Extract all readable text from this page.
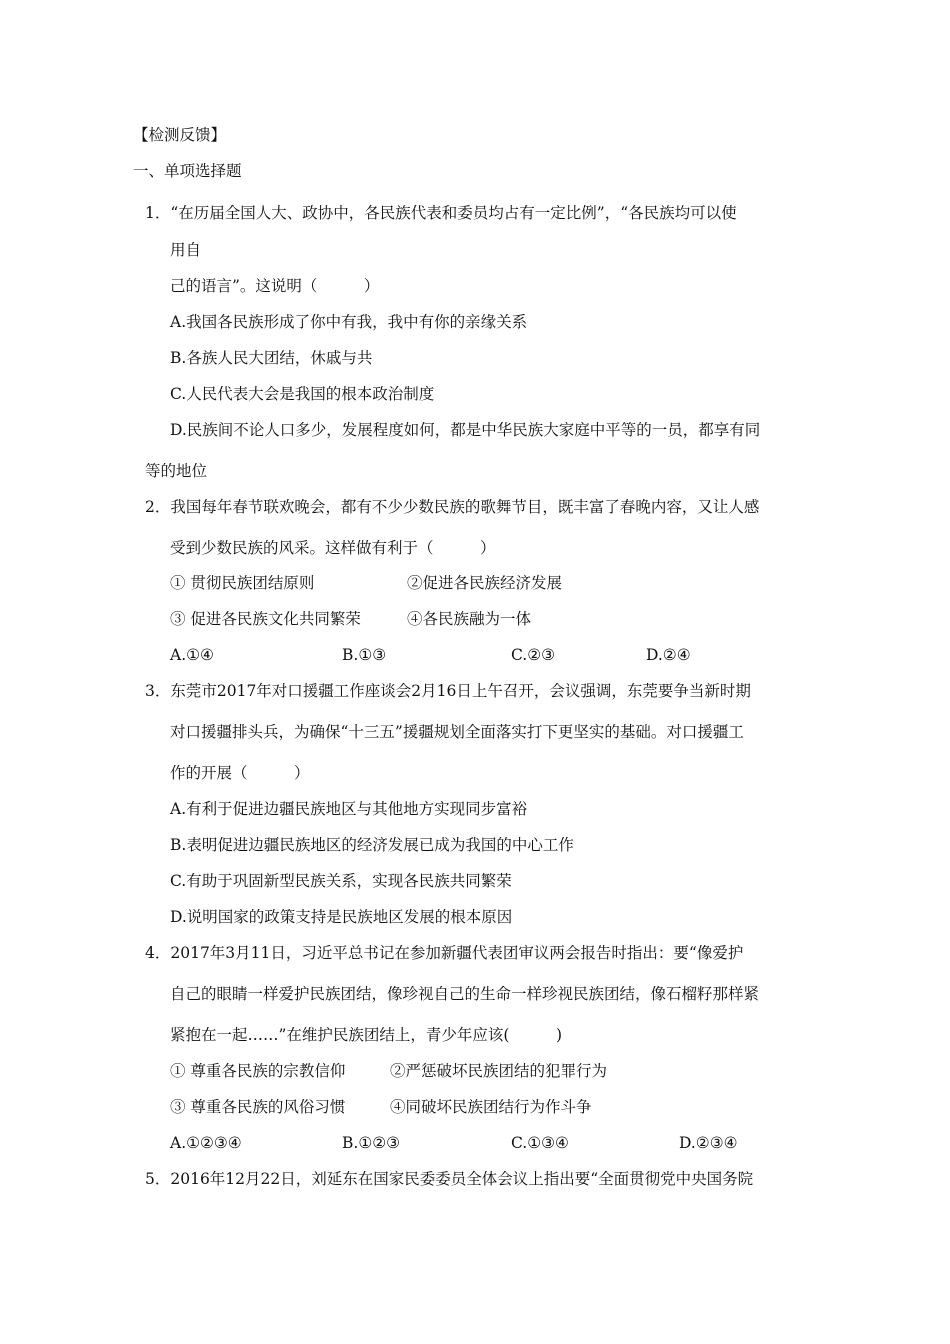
【检测反馈】
一、单项选择题
1．“在历届全国人大、政协中，各民族代表和委员均占有一定比例”，“各民族均可以使
用自
己的语言”。这说明（　　　）
A.我国各民族形成了你中有我，我中有你的亲缘关系
B.各族人民大团结，休戚与共
C.人民代表大会是我国的根本政治制度
D.民族间不论人口多少，发展程度如何，都是中华民族大家庭中平等的一员，都享有同
等的地位
2．我国每年春节联欢晚会，都有不少少数民族的歌舞节目，既丰富了春晚内容，又让人感
受到少数民族的风采。这样做有利于（　　　）
① 贯彻民族团结原则	②促进各民族经济发展
③ 促进各民族文化共同繁荣	④各民族融为一体
A.①④	B.①③	C.②③	D.②④
3．东莞市2017年对口援疆工作座谈会2月16日上午召开，会议强调，东莞要争当新时期
对口援疆排头兵，为确保“十三五”援疆规划全面落实打下更坚实的基础。对口援疆工
作的开展（　　　）
A.有利于促进边疆民族地区与其他地方实现同步富裕
B.表明促进边疆民族地区的经济发展已成为我国的中心工作
C.有助于巩固新型民族关系，实现各民族共同繁荣
D.说明国家的政策支持是民族地区发展的根本原因
4．2017年3月11日，习近平总书记在参加新疆代表团审议两会报告时指出：要“像爱护
自己的眼睛一样爱护民族团结，像珍视自己的生命一样珍视民族团结，像石榴籽那样紧
紧抱在一起……”在维护民族团结上，青少年应该(　　　)
① 尊重各民族的宗教信仰	②严惩破坏民族团结的犯罪行为
③ 尊重各民族的风俗习惯	④同破坏民族团结行为作斗争
A.①②③④	B.①②③	C.①③④	D.②③④
5．2016年12月22日，刘延东在国家民委委员全体会议上指出要“全面贯彻党中央国务院
